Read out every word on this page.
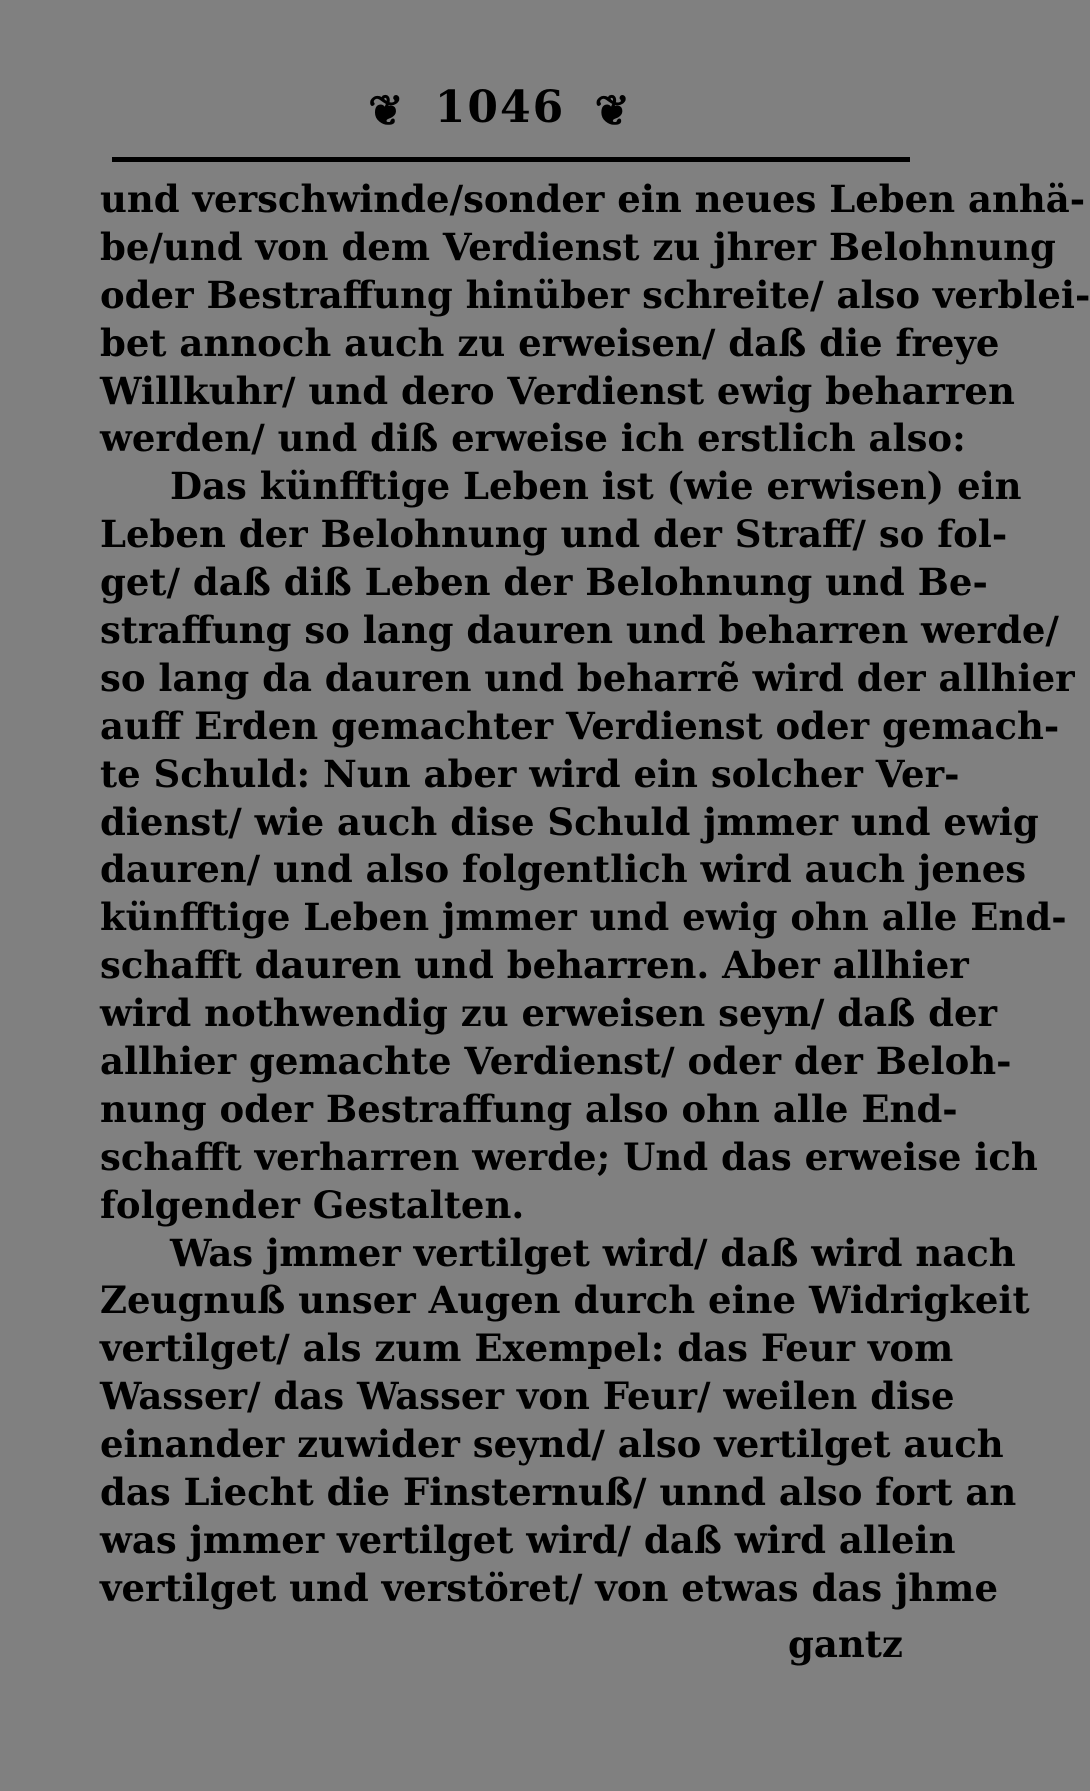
❦ 1046 ❦
und verschwinde/sonder ein neues Leben anhä-
be/und von dem Verdienst zu jhrer Belohnung
oder Bestraffung hinüber schreite/ also verblei-
bet annoch auch zu erweisen/ daß die freye
Willkuhr/ und dero Verdienst ewig beharren
werden/ und diß erweise ich erstlich also:
Das künfftige Leben ist (wie erwisen) ein
Leben der Belohnung und der Straff/ so fol-
get/ daß diß Leben der Belohnung und Be-
straffung so lang dauren und beharren werde/
so lang da dauren und beharrẽ wird der allhier
auff Erden gemachter Verdienst oder gemach-
te Schuld: Nun aber wird ein solcher Ver-
dienst/ wie auch dise Schuld jmmer und ewig
dauren/ und also folgentlich wird auch jenes
künfftige Leben jmmer und ewig ohn alle End-
schafft dauren und beharren. Aber allhier
wird nothwendig zu erweisen seyn/ daß der
allhier gemachte Verdienst/ oder der Beloh-
nung oder Bestraffung also ohn alle End-
schafft verharren werde; Und das erweise ich
folgender Gestalten.
Was jmmer vertilget wird/ daß wird nach
Zeugnuß unser Augen durch eine Widrigkeit
vertilget/ als zum Exempel: das Feur vom
Wasser/ das Wasser von Feur/ weilen dise
einander zuwider seynd/ also vertilget auch
das Liecht die Finsternuß/ unnd also fort an
was jmmer vertilget wird/ daß wird allein
vertilget und verstöret/ von etwas das jhme
gantz
